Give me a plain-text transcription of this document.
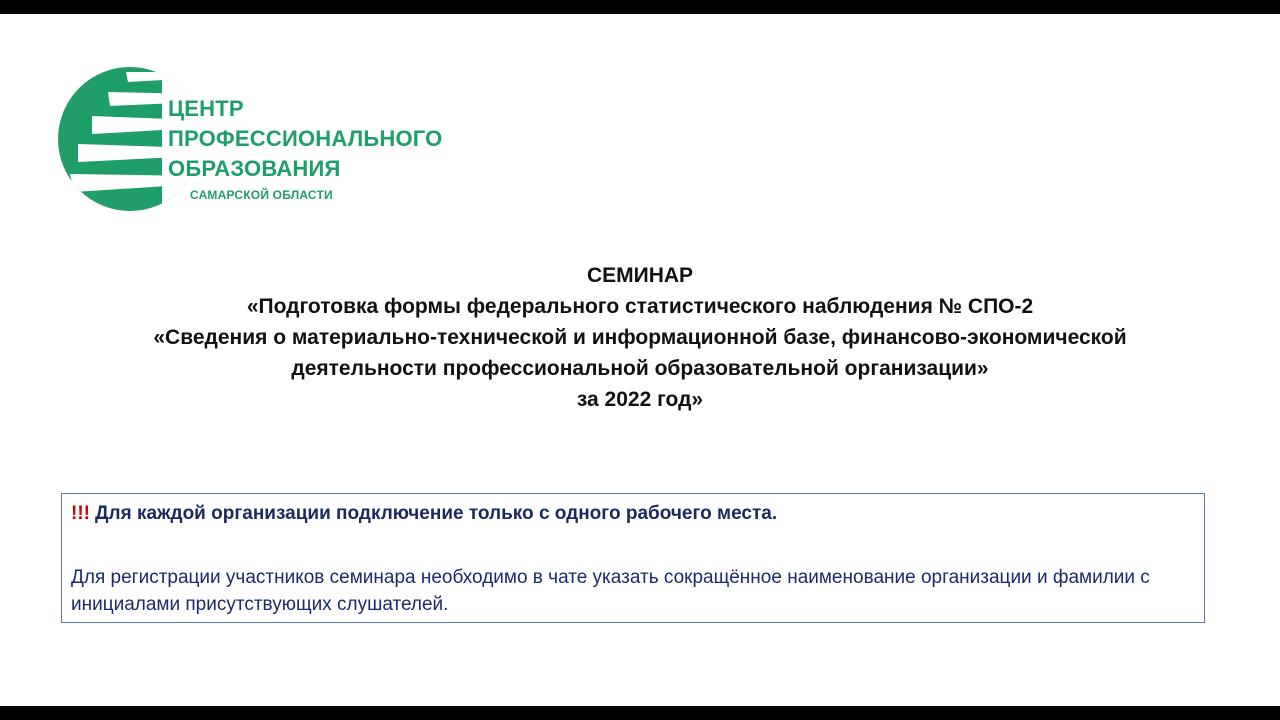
ЦЕНТР
ПРОФЕССИОНАЛЬНОГО
ОБРАЗОВАНИЯ
САМАРСКОЙ ОБЛАСТИ
СЕМИНАР
«Подготовка формы федерального статистического наблюдения № СПО-2
«Сведения о материально-технической и информационной базе, финансово-экономической
деятельности профессиональной образовательной организации»
за 2022 год»
!!! Для каждой организации подключение только с одного рабочего места.
Для регистрации участников семинара необходимо в чате указать сокращённое наименование организации и фамилии с инициалами присутствующих слушателей.
